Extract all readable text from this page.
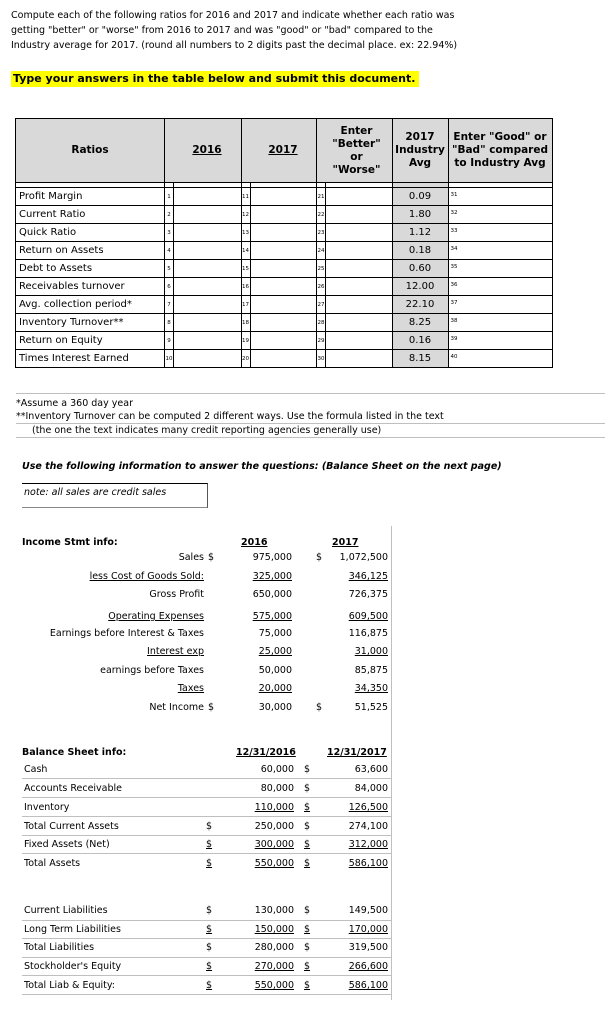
Compute each of the following ratios for 2016 and 2017 and indicate whether each ratio was
getting "better" or "worse" from 2016 to 2017 and was "good" or "bad" compared to the
Industry average for 2017. (round all numbers to 2 digits past the decimal place. ex: 22.94%)
Type your answers in the table below and submit this document.
Ratios		2016		2017		Enter "Better" or "Worse"	2017 Industry Avg	Enter "Good" or "Bad" compared to Industry Avg

Profit Margin	1		11		21		0.09	31

Current Ratio	2		12		22		1.80	32

Quick Ratio	3		13		23		1.12	33

Return on Assets	4		14		24		0.18	34

Debt to Assets	5		15		25		0.60	35

Receivables turnover	6		16		26		12.00	36

Avg. collection period*	7		17		27		22.10	37

Inventory Turnover**	8		18		28		8.25	38

Return on Equity	9		19		29		0.16	39

Times Interest Earned	10		20		30		8.15	40
*Assume a 360 day year
**Inventory Turnover can be computed 2 different ways. Use the formula listed in the text
(the one the text indicates many credit reporting agencies generally use)
Use the following information to answer the questions: (Balance Sheet on the next page)
note: all sales are credit sales
Income Stmt info:	2016	2017
Sales $	975,000	$	1,072,500
less Cost of Goods Sold:	325,000	346,125
Gross Profit	650,000	726,375
Operating Expenses	575,000	609,500
Earnings before Interest & Taxes	75,000	116,875
Interest exp	25,000	31,000
earnings before Taxes	50,000	85,875
Taxes	20,000	34,350
Net Income $	30,000	$	51,525
Balance Sheet info:	12/31/2016	12/31/2017
Cash	60,000 $	63,600
Accounts Receivable	80,000 $	84,000
Inventory	110,000 $	126,500
Total Current Assets	$	250,000 $	274,100
Fixed Assets (Net)	$	300,000 $	312,000
Total Assets	$	550,000 $	586,100
Current Liabilities	$	130,000 $	149,500
Long Term Liabilities	$	150,000 $	170,000
Total Liabilities	$	280,000 $	319,500
Stockholder's Equity	$	270,000 $	266,600
Total Liab & Equity:	$	550,000 $	586,100
